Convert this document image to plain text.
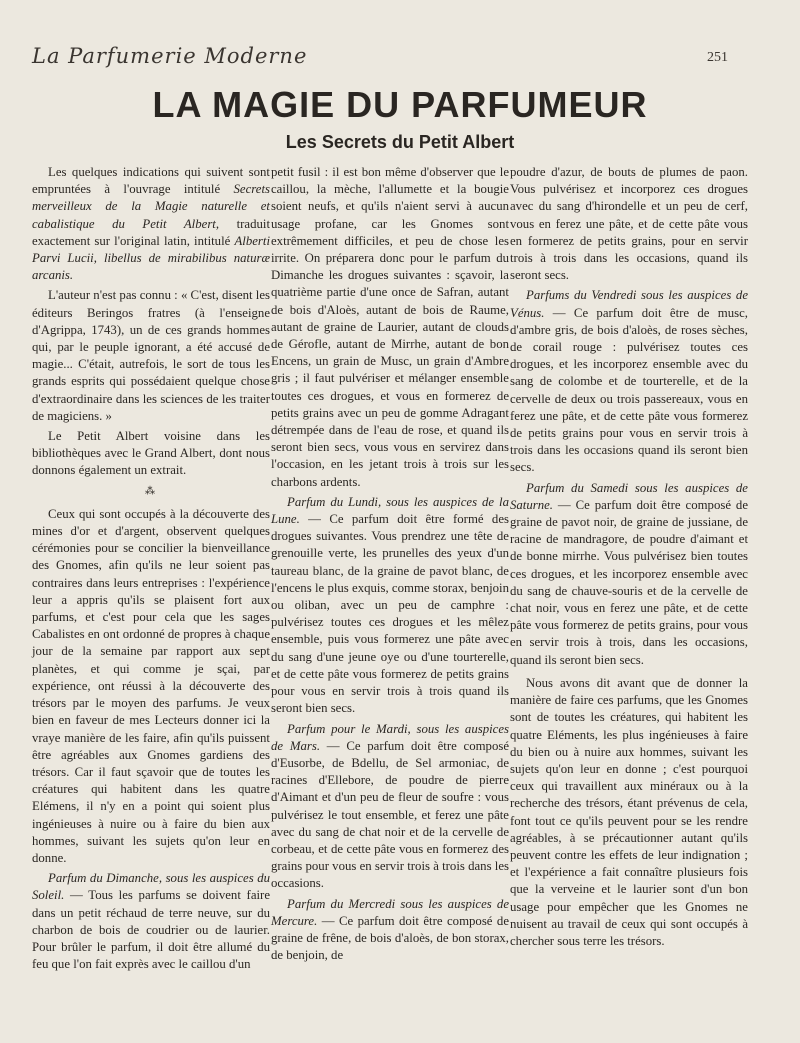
La Parfumerie Moderne	251
LA MAGIE DU PARFUMEUR
Les Secrets du Petit Albert

Les quelques indications qui suivent sont empruntées à l'ouvrage intitulé Secrets merveilleux de la Magie naturelle et cabalistique du Petit Albert, traduit exactement sur l'original latin, intitulé Alberti Parvi Lucii, libellus de mirabilibus naturæ arcanis.

L'auteur n'est pas connu : « C'est, disent les éditeurs Beringos fratres (à l'enseigne d'Agrippa, 1743), un de ces grands hommes qui, par le peuple ignorant, a été accusé de magie... C'était, autrefois, le sort de tous les grands esprits qui possédaient quelque chose d'extraordinaire dans les sciences de les traiter de magiciens. »

Le Petit Albert voisine dans les bibliothèques avec le Grand Albert, dont nous donnons également un extrait.

⁂

Ceux qui sont occupés à la découverte des mines d'or et d'argent, observent quelques cérémonies pour se concilier la bienveillance des Gnomes, afin qu'ils ne leur soient pas contraires dans leurs entreprises : l'expérience leur a appris qu'ils se plaisent fort aux parfums, et c'est pour cela que les sages Cabalistes en ont ordonné de propres à chaque jour de la semaine par rapport aux sept planètes, et qui comme je sçai, par expérience, ont réussi à la découverte des trésors par le moyen des parfums. Je veux bien en faveur de mes Lecteurs donner ici la vraye manière de les faire, afin qu'ils puissent être agréables aux Gnomes gardiens des trésors. Car il faut sçavoir que de toutes les créatures qui habitent dans les quatre Elémens, il n'y en a point qui soient plus ingénieuses à nuire ou à faire du bien aux hommes, suivant les sujets qu'on leur en donne.

Parfum du Dimanche, sous les auspices du Soleil. — Tous les parfums se doivent faire dans un petit réchaud de terre neuve, sur du charbon de bois de coudrier ou de laurier. Pour brûler le parfum, il doit être allumé du feu que l'on fait exprès avec le caillou d'un

petit fusil : il est bon même d'observer que le caillou, la mèche, l'allumette et la bougie soient neufs, et qu'ils n'aient servi à aucun usage profane, car les Gnomes sont extrêmement difficiles, et peu de chose les irrite. On préparera donc pour le parfum du Dimanche les drogues suivantes : sçavoir, la quatrième partie d'une once de Safran, autant de bois d'Aloès, autant de bois de Raume, autant de graine de Laurier, autant de clouds de Gérofle, autant de Mirrhe, autant de bon Encens, un grain de Musc, un grain d'Ambre gris ; il faut pulvériser et mélanger ensemble toutes ces drogues, et vous en formerez de petits grains avec un peu de gomme Adragant détrempée dans de l'eau de rose, et quand ils seront bien secs, vous vous en servirez dans l'occasion, en les jetant trois à trois sur les charbons ardents.

Parfum du Lundi, sous les auspices de la Lune. — Ce parfum doit être formé des drogues suivantes. Vous prendrez une tête de grenouille verte, les prunelles des yeux d'un taureau blanc, de la graine de pavot blanc, de l'encens le plus exquis, comme storax, benjoin ou oliban, avec un peu de camphre : pulvérisez toutes ces drogues et les mêlez ensemble, puis vous formerez une pâte avec du sang d'une jeune oye ou d'une tourterelle, et de cette pâte vous formerez de petits grains pour vous en servir trois à trois quand ils seront bien secs.

Parfum pour le Mardi, sous les auspices de Mars. — Ce parfum doit être composé d'Eusorbe, de Bdellu, de Sel armoniac, de racines d'Ellebore, de poudre de pierre d'Aimant et d'un peu de fleur de soufre : vous pulvérisez le tout ensemble, et ferez une pâte avec du sang de chat noir et de la cervelle de corbeau, et de cette pâte vous en formerez des grains pour vous en servir trois à trois dans les occasions.

Parfum du Mercredi sous les auspices de Mercure. — Ce parfum doit être composé de graine de frêne, de bois d'aloès, de bon storax, de benjoin, de

poudre d'azur, de bouts de plumes de paon. Vous pulvérisez et incorporez ces drogues avec du sang d'hirondelle et un peu de cerf, vous en ferez une pâte, et de cette pâte vous en formerez de petits grains, pour en servir trois à trois dans les occasions, quand ils seront secs.

Parfums du Vendredi sous les auspices de Vénus. — Ce parfum doit être de musc, d'ambre gris, de bois d'aloès, de roses sèches, de corail rouge : pulvérisez toutes ces drogues, et les incorporez ensemble avec du sang de colombe et de tourterelle, et de la cervelle de deux ou trois passereaux, vous en ferez une pâte, et de cette pâte vous formerez de petits grains pour vous en servir trois à trois dans les occasions quand ils seront bien secs.

Parfum du Samedi sous les auspices de Saturne. — Ce parfum doit être composé de graine de pavot noir, de graine de jussiane, de racine de mandragore, de poudre d'aimant et de bonne mirrhe. Vous pulvérisez bien toutes ces drogues, et les incorporez ensemble avec du sang de chauve-souris et de la cervelle de chat noir, vous en ferez une pâte, et de cette pâte vous formerez de petits grains, pour vous en servir trois à trois, dans les occasions, quand ils seront bien secs.

Nous avons dit avant que de donner la manière de faire ces parfums, que les Gnomes sont de toutes les créatures, qui habitent les quatre Eléments, les plus ingénieuses à faire du bien ou à nuire aux hommes, suivant les sujets qu'on leur en donne ; c'est pourquoi ceux qui travaillent aux minéraux ou à la recherche des trésors, étant prévenus de cela, font tout ce qu'ils peuvent pour se les rendre agréables, à se précautionner autant qu'ils peuvent contre les effets de leur indignation ; et l'expérience a fait connaître plusieurs fois que la verveine et le laurier sont d'un bon usage pour empêcher que les Gnomes ne nuisent au travail de ceux qui sont occupés à chercher sous terre les trésors.
